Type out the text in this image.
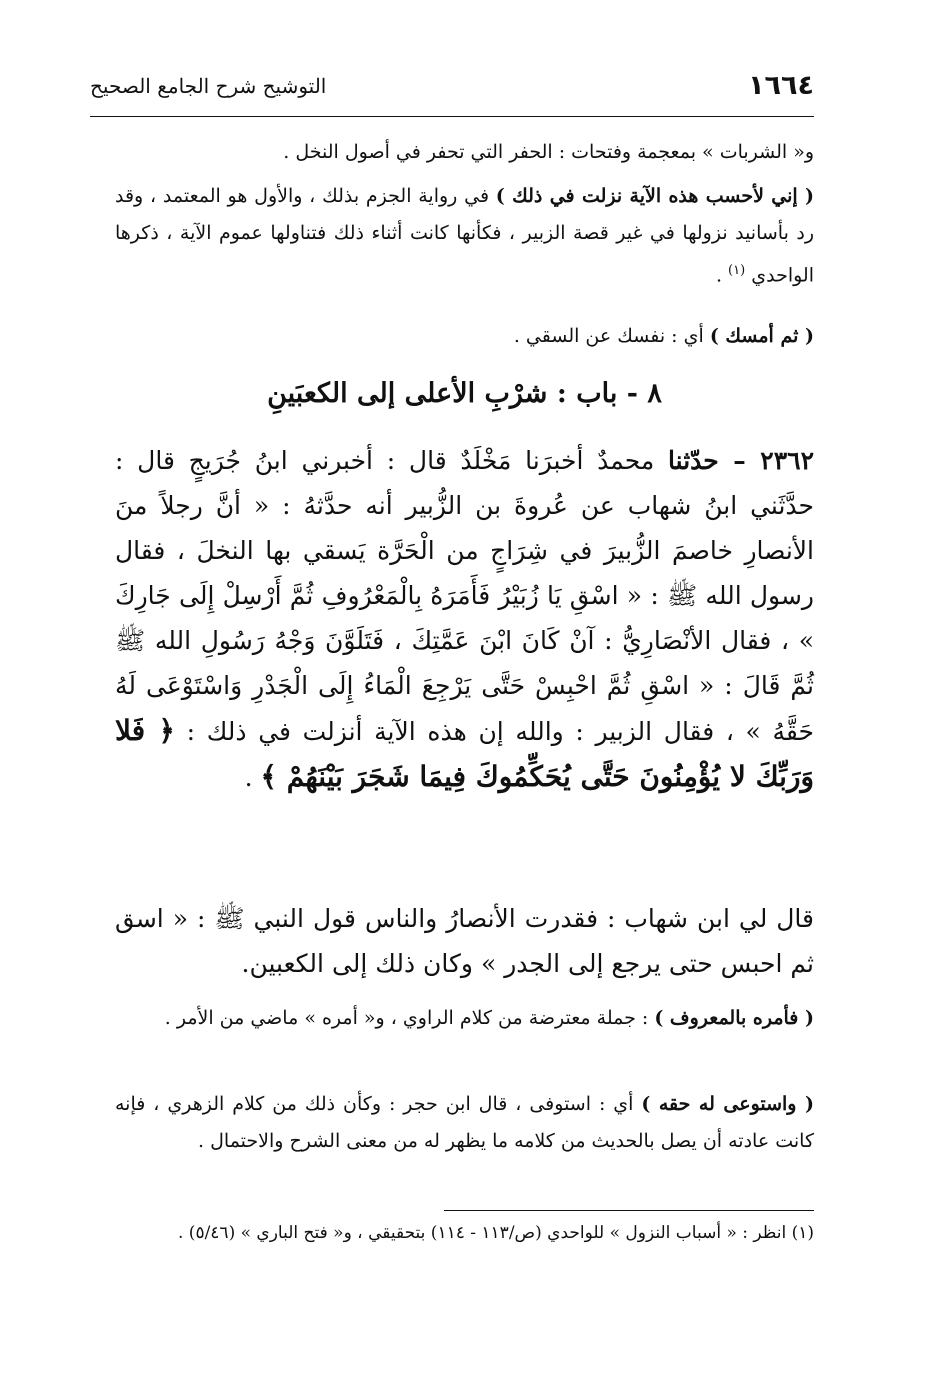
١٦٦٤
التوشيح شرح الجامع الصحيح
و« الشربات » بمعجمة وفتحات : الحفر التي تحفر في أصول النخل .
( إني لأحسب هذه الآية نزلت في ذلك ) في رواية الجزم بذلك ، والأول هو المعتمد ، وقد رد بأسانيد نزولها في غير قصة الزبير ، فكأنها كانت أثناء ذلك فتناولها عموم الآية ، ذكرها الواحدي $^{(١)}$ .
( ثم أمسك ) أي : نفسك عن السقي .
٨ - باب : شرْبِ الأعلى إلى الكعبَينِ
٢٣٦٢ – حدّثنا محمدٌ أخبرَنا مَخْلَدٌ قال : أخبرني ابنُ جُرَيجٍ قال : حدَّثَني ابنُ شهاب عن عُروةَ بن الزُّبير أنه حدَّثهُ : « أنَّ رجلاً منَ الأنصارِ خاصمَ الزُّبيرَ في شِرَاجٍ من الْحَرَّة يَسقي بها النخلَ ، فقال رسول الله ﷺ : « اسْقِ يَا زُبَيْرُ فَأَمَرَهُ بِالْمَعْرُوفِ ثُمَّ أَرْسِلْ إِلَى جَارِكَ » ، فقال الأنْصَارِيُّ : آنْ كَانَ ابْنَ عَمَّتِكَ ، فَتَلَوَّنَ وَجْهُ رَسُولِ الله ﷺ ثُمَّ قَالَ : « اسْقِ ثُمَّ احْبِسْ حَتَّى يَرْجِعَ الْمَاءُ إِلَى الْجَدْرِ وَاسْتَوْعَى لَهُ حَقَّهُ » ، فقال الزبير : والله إن هذه الآية أنزلت في ذلك : ﴿ فَلا وَرَبِّكَ لا يُؤْمِنُونَ حَتَّى يُحَكِّمُوكَ فِيمَا شَجَرَ بَيْنَهُمْ ﴾ .
قال لي ابن شهاب : فقدرت الأنصارُ والناس قول النبي ﷺ : « اسق ثم احبس حتى يرجع إلى الجدر » وكان ذلك إلى الكعبين.
( فأمره بالمعروف ) : جملة معترضة من كلام الراوي ، و« أمره » ماضي من الأمر .
( واستوعى له حقه ) أي : استوفى ، قال ابن حجر : وكأن ذلك من كلام الزهري ، فإنه كانت عادته أن يصل بالحديث من كلامه ما يظهر له من معنى الشرح والاحتمال .
(١) انظر : « أسباب النزول » للواحدي (ص/١١٣ - ١١٤) بتحقيقي ، و« فتح الباري » (٥/٤٦) .
